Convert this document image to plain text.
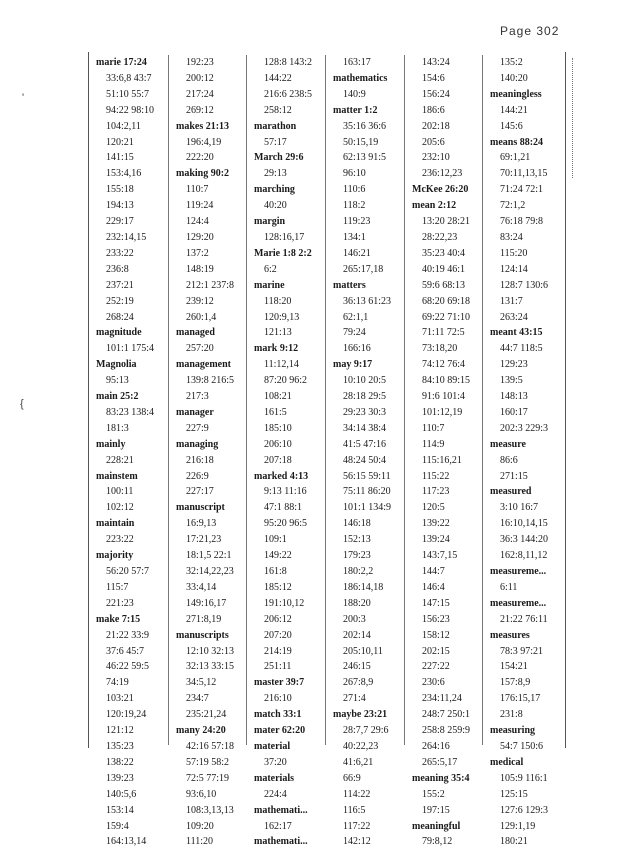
Page 302
'
{
marie 17:24
33:6,8 43:7
51:10 55:7
94:22 98:10
104:2,11
120:21
141:15
153:4,16
155:18
194:13
229:17
232:14,15
233:22
236:8
237:21
252:19
268:24
magnitude
101:1 175:4
Magnolia
95:13
main 25:2
83:23 138:4
181:3
mainly
228:21
mainstem
100:11
102:12
maintain
223:22
majority
56:20 57:7
115:7
221:23
make 7:15
21:22 33:9
37:6 45:7
46:22 59:5
74:19
103:21
120:19,24
121:12
135:23
138:22
139:23
140:5,6
153:14
159:4
164:13,14
192:23
200:12
217:24
269:12
makes 21:13
196:4,19
222:20
making 90:2
110:7
119:24
124:4
129:20
137:2
148:19
212:1 237:8
239:12
260:1,4
managed
257:20
management
139:8 216:5
217:3
manager
227:9
managing
216:18
226:9
227:17
manuscript
16:9,13
17:21,23
18:1,5 22:1
32:14,22,23
33:4,14
149:16,17
271:8,19
manuscripts
12:10 32:13
32:13 33:15
34:5,12
234:7
235:21,24
many 24:20
42:16 57:18
57:19 58:2
72:5 77:19
93:6,10
108:3,13,13
109:20
111:20
128:8 143:2
144:22
216:6 238:5
258:12
marathon
57:17
March 29:6
29:13
marching
40:20
margin
128:16,17
Marie 1:8 2:2
6:2
marine
118:20
120:9,13
121:13
mark 9:12
11:12,14
87:20 96:2
108:21
161:5
185:10
206:10
207:18
marked 4:13
9:13 11:16
47:1 88:1
95:20 96:5
109:1
149:22
161:8
185:12
191:10,12
206:12
207:20
214:19
251:11
master 39:7
216:10
match 33:1
mater 62:20
material
37:20
materials
224:4
mathemati...
162:17
mathemati...
163:17
mathematics
140:9
matter 1:2
35:16 36:6
50:15,19
62:13 91:5
96:10
110:6
118:2
119:23
134:1
146:21
265:17,18
matters
36:13 61:23
62:1,1
79:24
166:16
may 9:17
10:10 20:5
28:18 29:5
29:23 30:3
34:14 38:4
41:5 47:16
48:24 50:4
56:15 59:11
75:11 86:20
101:1 134:9
146:18
152:13
179:23
180:2,2
186:14,18
188:20
200:3
202:14
205:10,11
246:15
267:8,9
271:4
maybe 23:21
28:7,7 29:6
40:22,23
41:6,21
66:9
114:22
116:5
117:22
142:12
143:24
154:6
156:24
186:6
202:18
205:6
232:10
236:12,23
McKee 26:20
mean 2:12
13:20 28:21
28:22,23
35:23 40:4
40:19 46:1
59:6 68:13
68:20 69:18
69:22 71:10
71:11 72:5
73:18,20
74:12 76:4
84:10 89:15
91:6 101:4
101:12,19
110:7
114:9
115:16,21
115:22
117:23
120:5
139:22
139:24
143:7,15
144:7
146:4
147:15
156:23
158:12
202:15
227:22
230:6
234:11,24
248:7 250:1
258:8 259:9
264:16
265:5,17
meaning 35:4
155:2
197:15
meaningful
79:8,12
135:2
140:20
meaningless
144:21
145:6
means 88:24
69:1,21
70:11,13,15
71:24 72:1
72:1,2
76:18 79:8
83:24
115:20
124:14
128:7 130:6
131:7
263:24
meant 43:15
44:7 118:5
129:23
139:5
148:13
160:17
202:3 229:3
measure
86:6
271:15
measured
3:10 16:7
16:10,14,15
36:3 144:20
162:8,11,12
measureme...
6:11
measureme...
21:22 76:11
measures
78:3 97:21
154:21
157:8,9
176:15,17
231:8
measuring
54:7 150:6
medical
105:9 116:1
125:15
127:6 129:3
129:1,19
180:21
